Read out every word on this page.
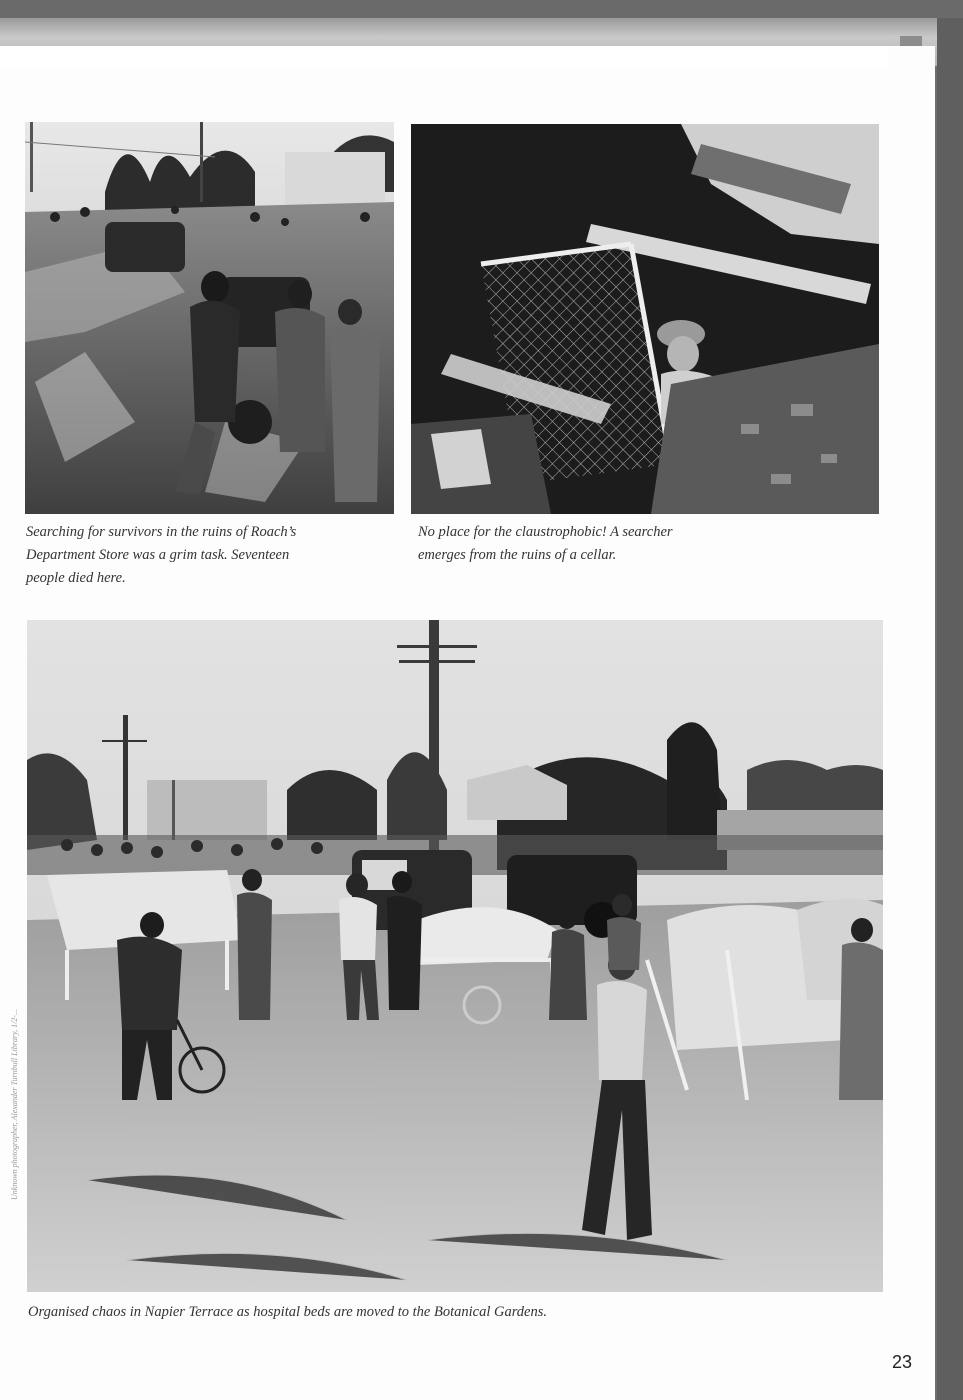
Searching for survivors in the ruins of Roach’s Department Store was a grim task. Seventeen people died here.

No place for the claustrophobic! A searcher emerges from the ruins of a cellar.

Organised chaos in Napier Terrace as hospital beds are moved to the Botanical Gardens.

Unknown photographer, Alexander Turnbull Library, 1/2-...
23
